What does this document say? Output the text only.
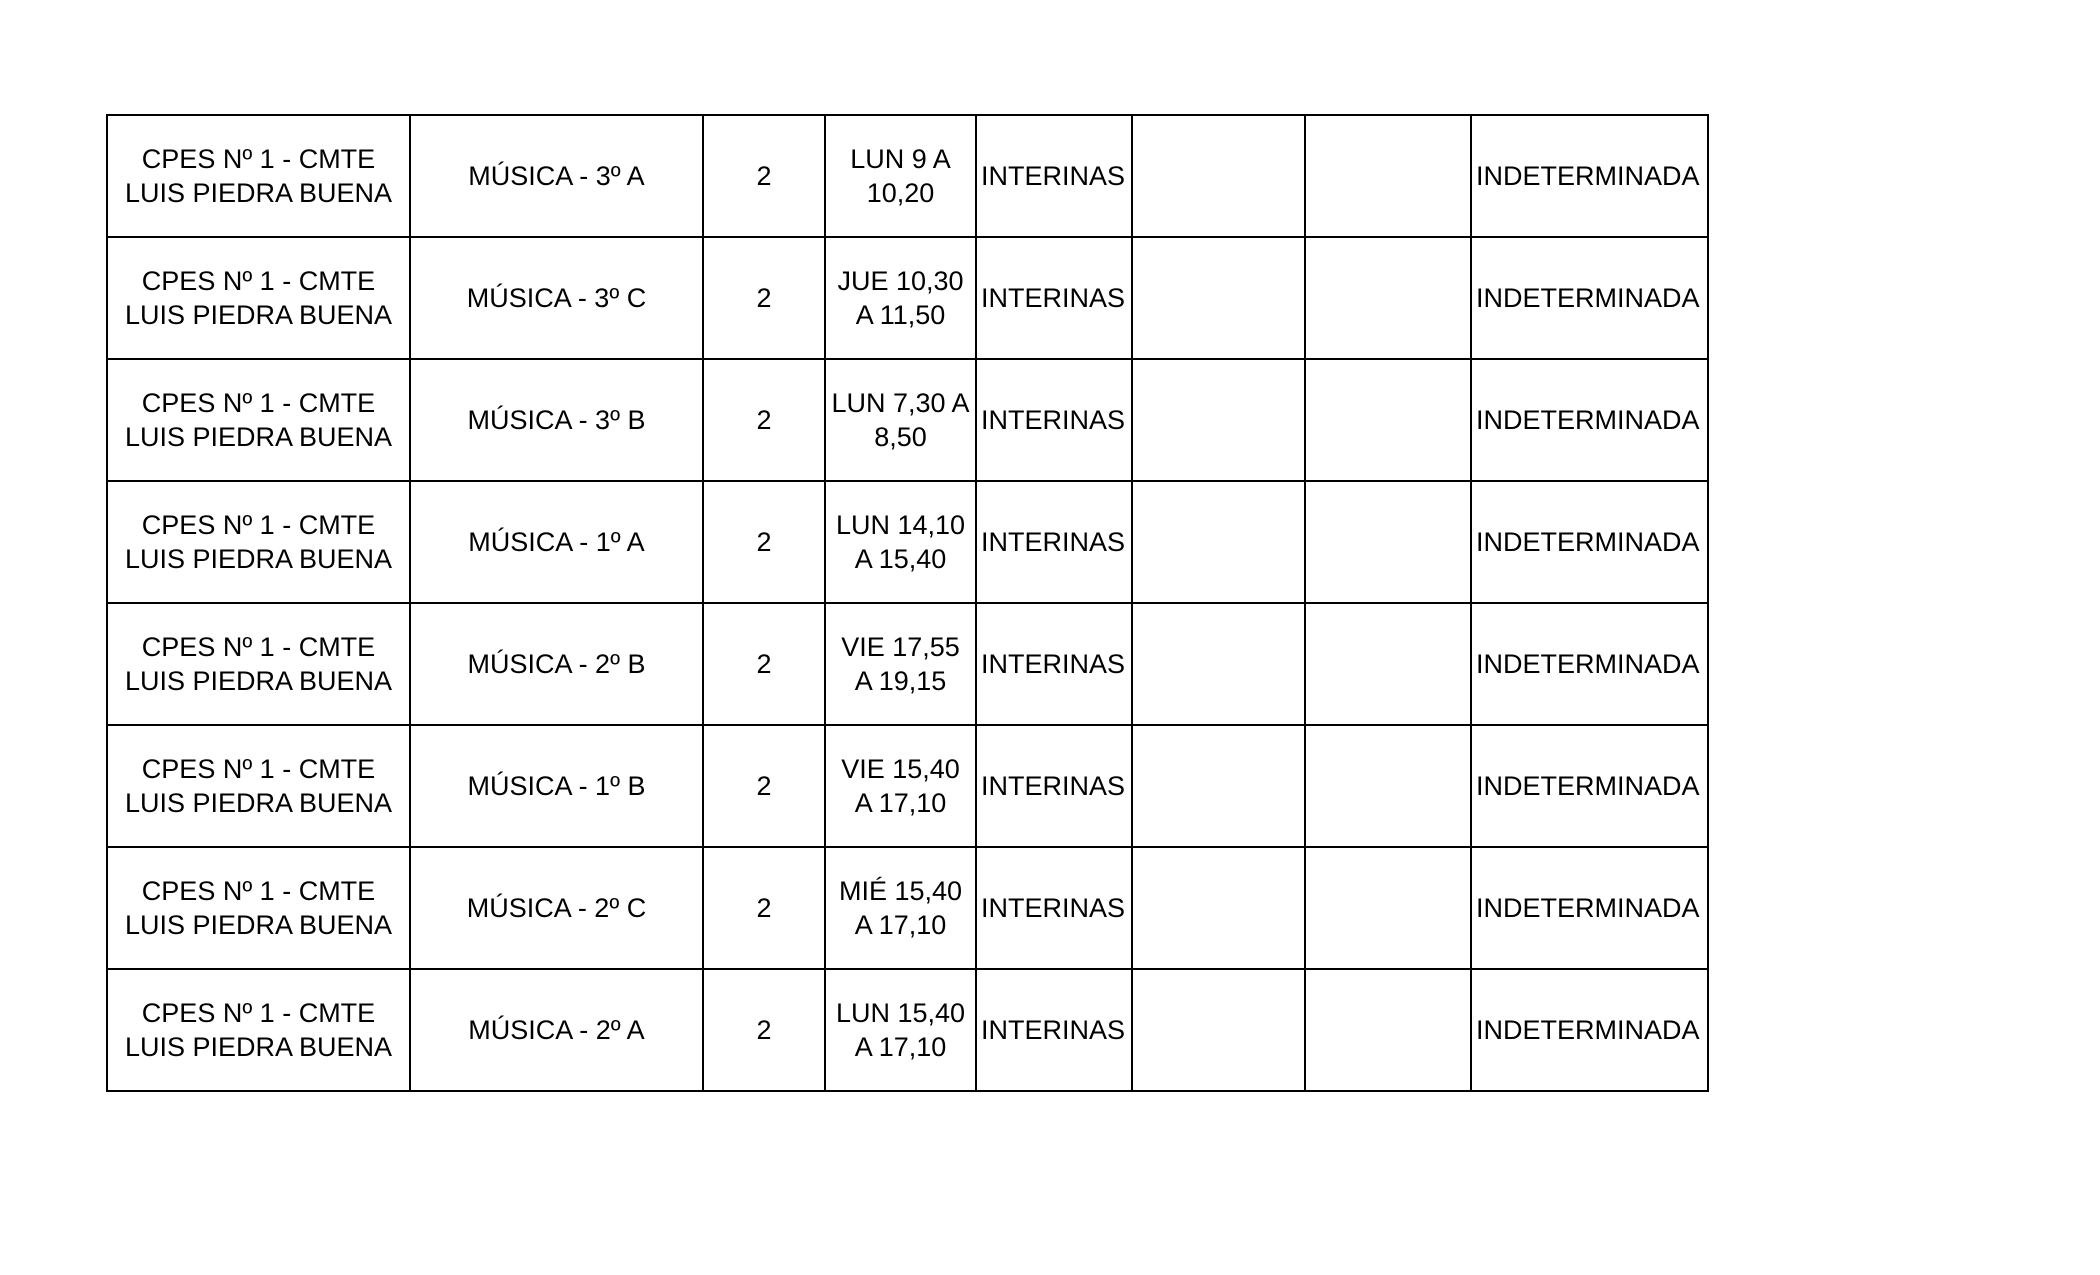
CPES Nº 1 - CMTE LUIS PIEDRA BUENA	MÚSICA - 3º A	2	LUN 9 A 10,20	INTERINAS			INDETERMINADA

CPES Nº 1 - CMTE LUIS PIEDRA BUENA	MÚSICA - 3º C	2	JUE 10,30 A 11,50	INTERINAS			INDETERMINADA

CPES Nº 1 - CMTE LUIS PIEDRA BUENA	MÚSICA - 3º B	2	LUN 7,30 A 8,50	INTERINAS			INDETERMINADA

CPES Nº 1 - CMTE LUIS PIEDRA BUENA	MÚSICA - 1º A	2	LUN 14,10 A 15,40	INTERINAS			INDETERMINADA

CPES Nº 1 - CMTE LUIS PIEDRA BUENA	MÚSICA - 2º B	2	VIE 17,55 A 19,15	INTERINAS			INDETERMINADA

CPES Nº 1 - CMTE LUIS PIEDRA BUENA	MÚSICA - 1º B	2	VIE 15,40 A 17,10	INTERINAS			INDETERMINADA

CPES Nº 1 - CMTE LUIS PIEDRA BUENA	MÚSICA - 2º C	2	MIÉ 15,40 A 17,10	INTERINAS			INDETERMINADA

CPES Nº 1 - CMTE LUIS PIEDRA BUENA	MÚSICA - 2º A	2	LUN 15,40 A 17,10	INTERINAS			INDETERMINADA
